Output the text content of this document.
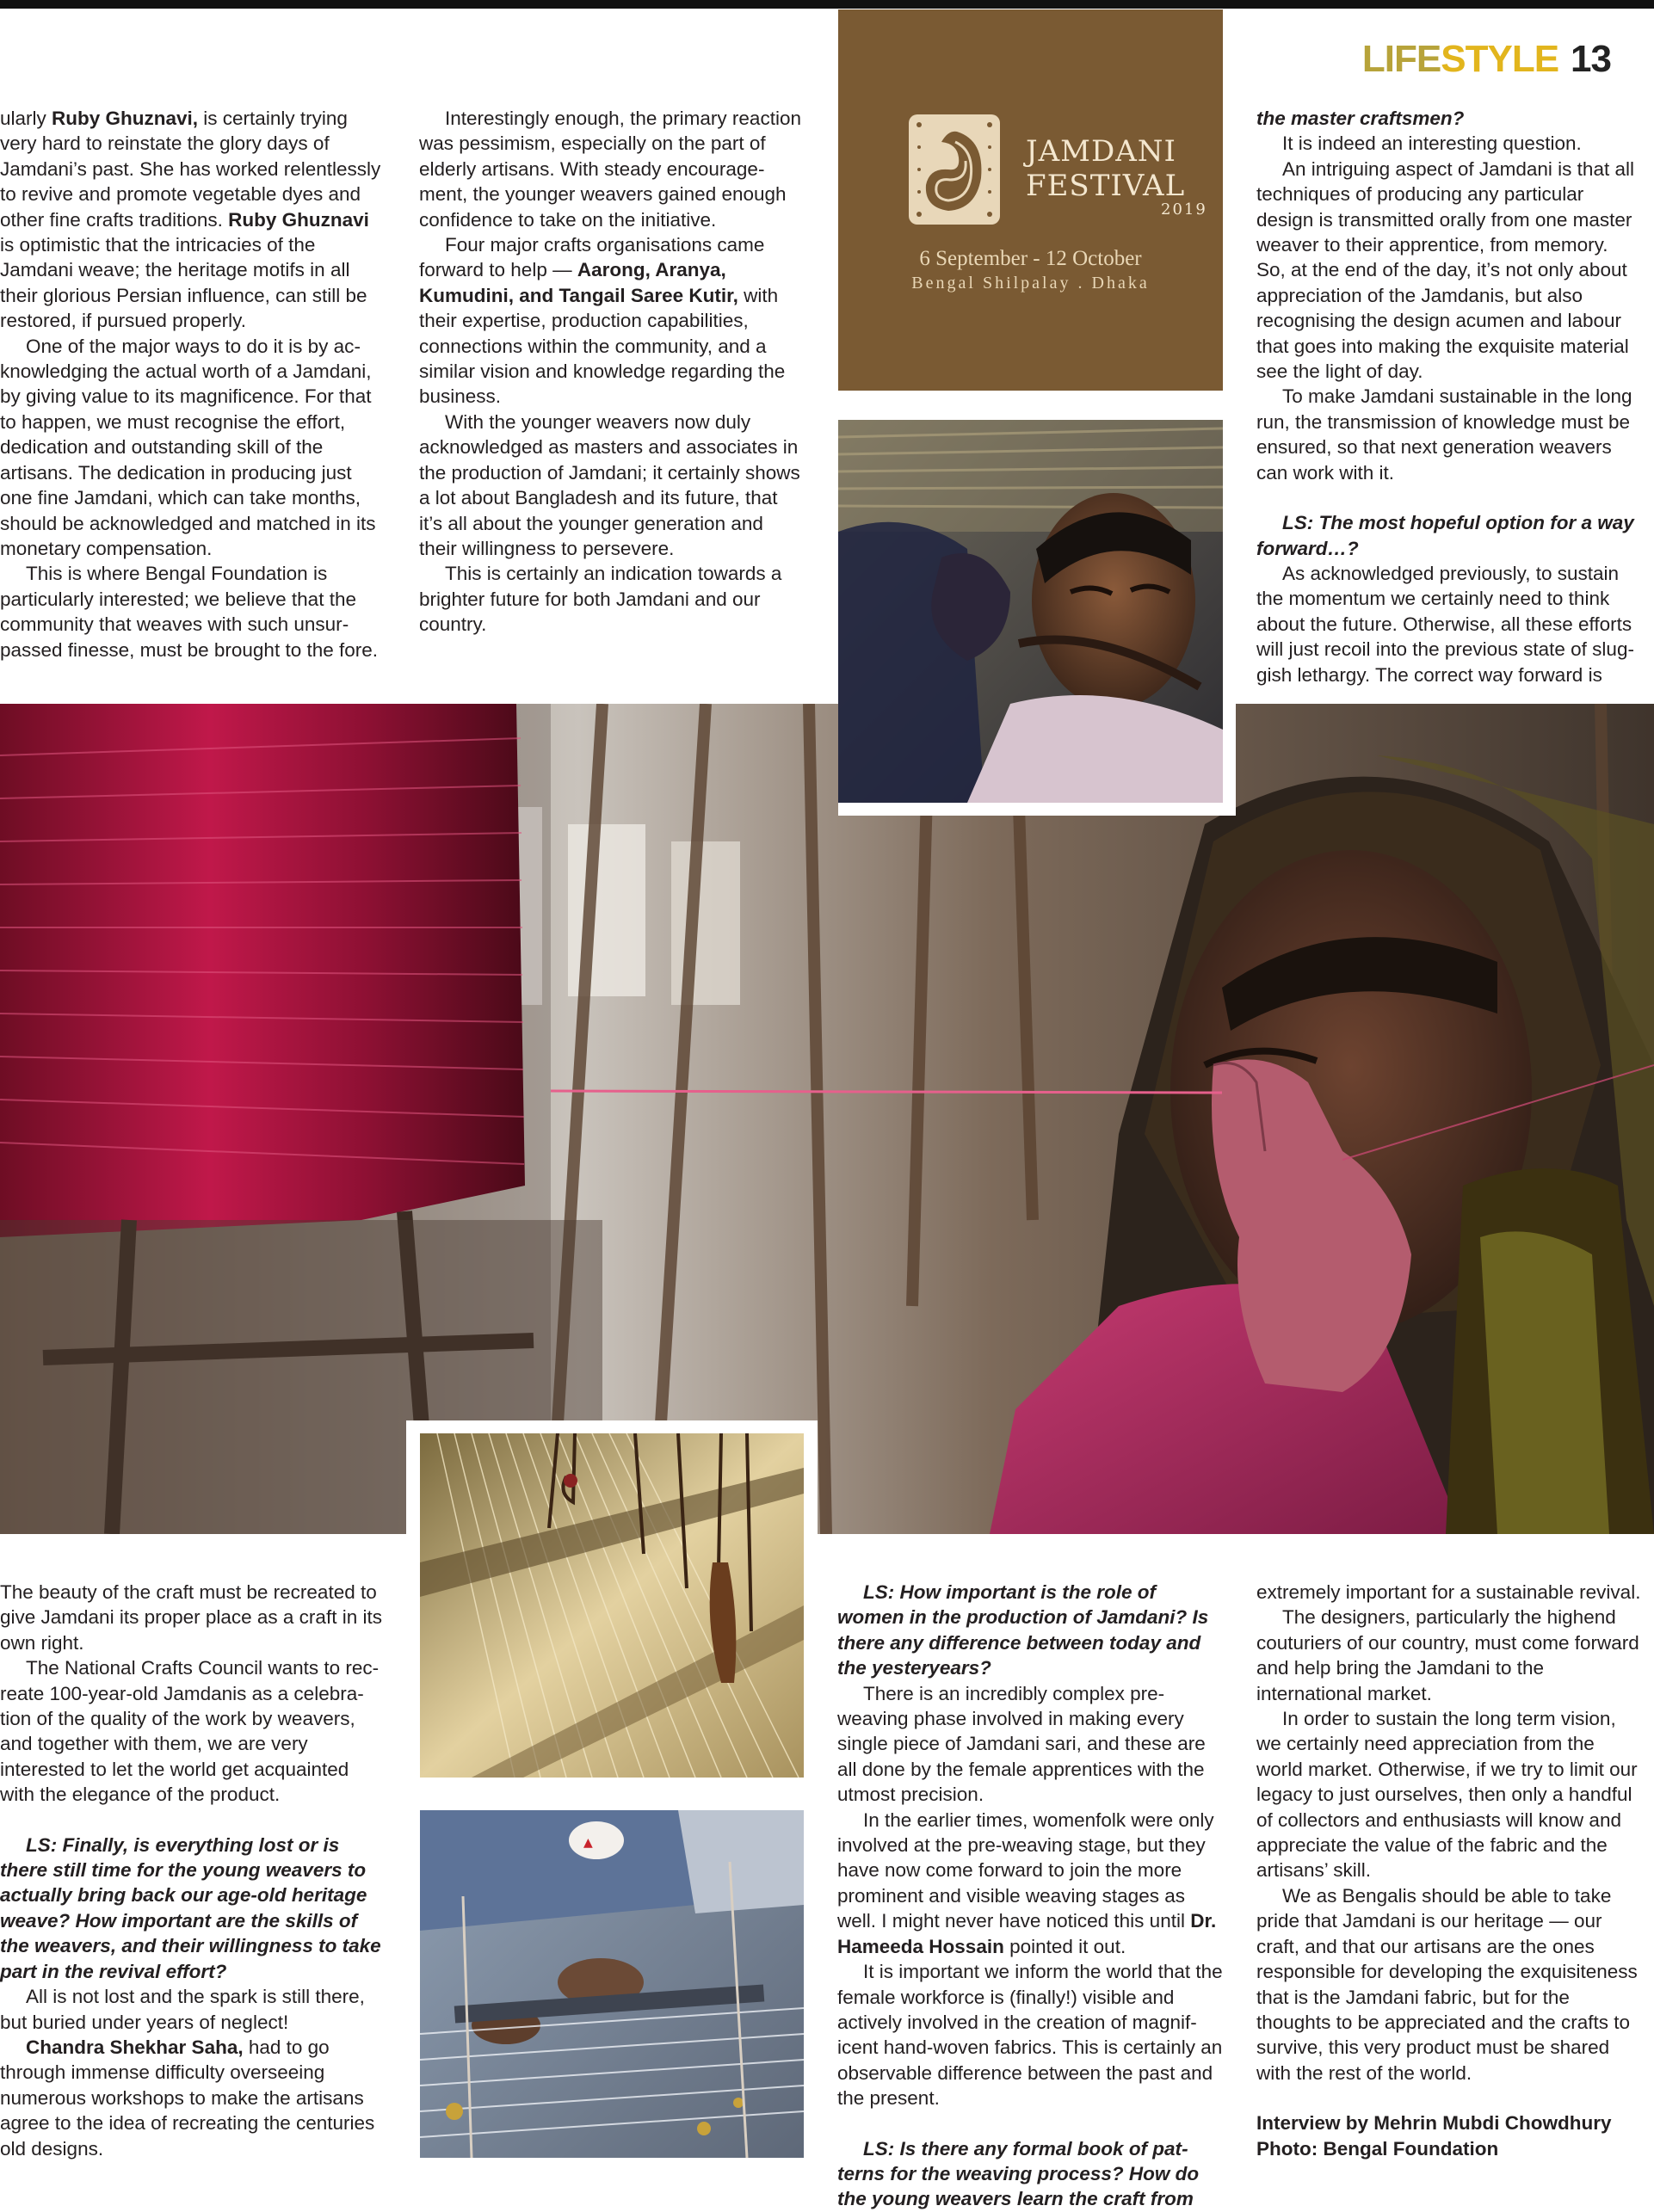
LIFESTYLE 13
JAMDANI
FESTIVAL
2019
6 September - 12 October
Bengal Shilpalay . Dhaka
▲

ularly Ruby Ghuznavi, is certainly trying very hard to reinstate the glory days of Jamdani’s past. She has worked relentlessly to revive and promote vegetable dyes and other fine crafts traditions. Ruby Ghuznavi is optimistic that the intricacies of the Jamdani weave; the heritage motifs in all their glorious Persian influence, can still be restored, if pursued properly.

One of the major ways to do it is by acknowledging the actual worth of a Jamdani, by giving value to its magnificence. For that to happen, we must recognise the effort, dedication and outstanding skill of the artisans. The dedication in producing just one fine Jamdani, which can take months, should be acknowledged and matched in its monetary compensation.

This is where Bengal Foundation is particularly interested; we believe that the community that weaves with such unsurpassed finesse, must be brought to the fore.

Interestingly enough, the primary reaction was pessimism, especially on the part of elderly artisans. With steady encouragement, the younger weavers gained enough confidence to take on the initiative.

Four major crafts organisations came forward to help — Aarong, Aranya, Kumudini, and Tangail Saree Kutir, with their expertise, production capabilities, connections within the community, and a similar vision and knowledge regarding the business.

With the younger weavers now duly acknowledged as masters and associates in the production of Jamdani; it certainly shows a lot about Bangladesh and its future, that it’s all about the younger generation and their willingness to persevere.

This is certainly an indication towards a brighter future for both Jamdani and our country.

the master craftsmen?

It is indeed an interesting question.

An intriguing aspect of Jamdani is that all techniques of producing any particular design is transmitted orally from one master weaver to their apprentice, from memory. So, at the end of the day, it’s not only about appreciation of the Jamdanis, but also recognising the design acumen and labour that goes into making the exquisite material see the light of day.

To make Jamdani sustainable in the long run, the transmission of knowledge must be ensured, so that next generation weavers can work with it.

LS: The most hopeful option for a way forward…?

As acknowledged previously, to sustain the momentum we certainly need to think about the future. Otherwise, all these efforts will just recoil into the previous state of sluggish lethargy. The correct way forward is

The beauty of the craft must be recreated to give Jamdani its proper place as a craft in its own right.

The National Crafts Council wants to recreate 100-year-old Jamdanis as a celebration of the quality of the work by weavers, and together with them, we are very interested to let the world get acquainted with the elegance of the product.

LS: Finally, is everything lost or is there still time for the young weavers to actually bring back our age-old heritage weave? How important are the skills of the weavers, and their willingness to take part in the revival effort?

All is not lost and the spark is still there, but buried under years of neglect!

Chandra Shekhar Saha, had to go through immense difficulty overseeing numerous workshops to make the artisans agree to the idea of recreating the centuries old designs.

LS: How important is the role of women in the production of Jamdani? Is there any difference between today and the yesteryears?

There is an incredibly complex pre-weaving phase involved in making every single piece of Jamdani sari, and these are all done by the female apprentices with the utmost precision.

In the earlier times, womenfolk were only involved at the pre-weaving stage, but they have now come forward to join the more prominent and visible weaving stages as well. I might never have noticed this until Dr. Hameeda Hossain pointed it out.

It is important we inform the world that the female workforce is (finally!) visible and actively involved in the creation of magnificent hand-woven fabrics. This is certainly an observable difference between the past and the present.

LS: Is there any formal book of patterns for the weaving process? How do the young weavers learn the craft from

extremely important for a sustainable revival.

The designers, particularly the highend couturiers of our country, must come forward and help bring the Jamdani to the international market.

In order to sustain the long term vision, we certainly need appreciation from the world market. Otherwise, if we try to limit our legacy to just ourselves, then only a handful of collectors and enthusiasts will know and appreciate the value of the fabric and the artisans’ skill.

We as Bengalis should be able to take pride that Jamdani is our heritage — our craft, and that our artisans are the ones responsible for developing the exquisiteness that is the Jamdani fabric, but for the thoughts to be appreciated and the crafts to survive, this very product must be shared with the rest of the world.

Interview by Mehrin Mubdi Chowdhury

Photo: Bengal Foundation
